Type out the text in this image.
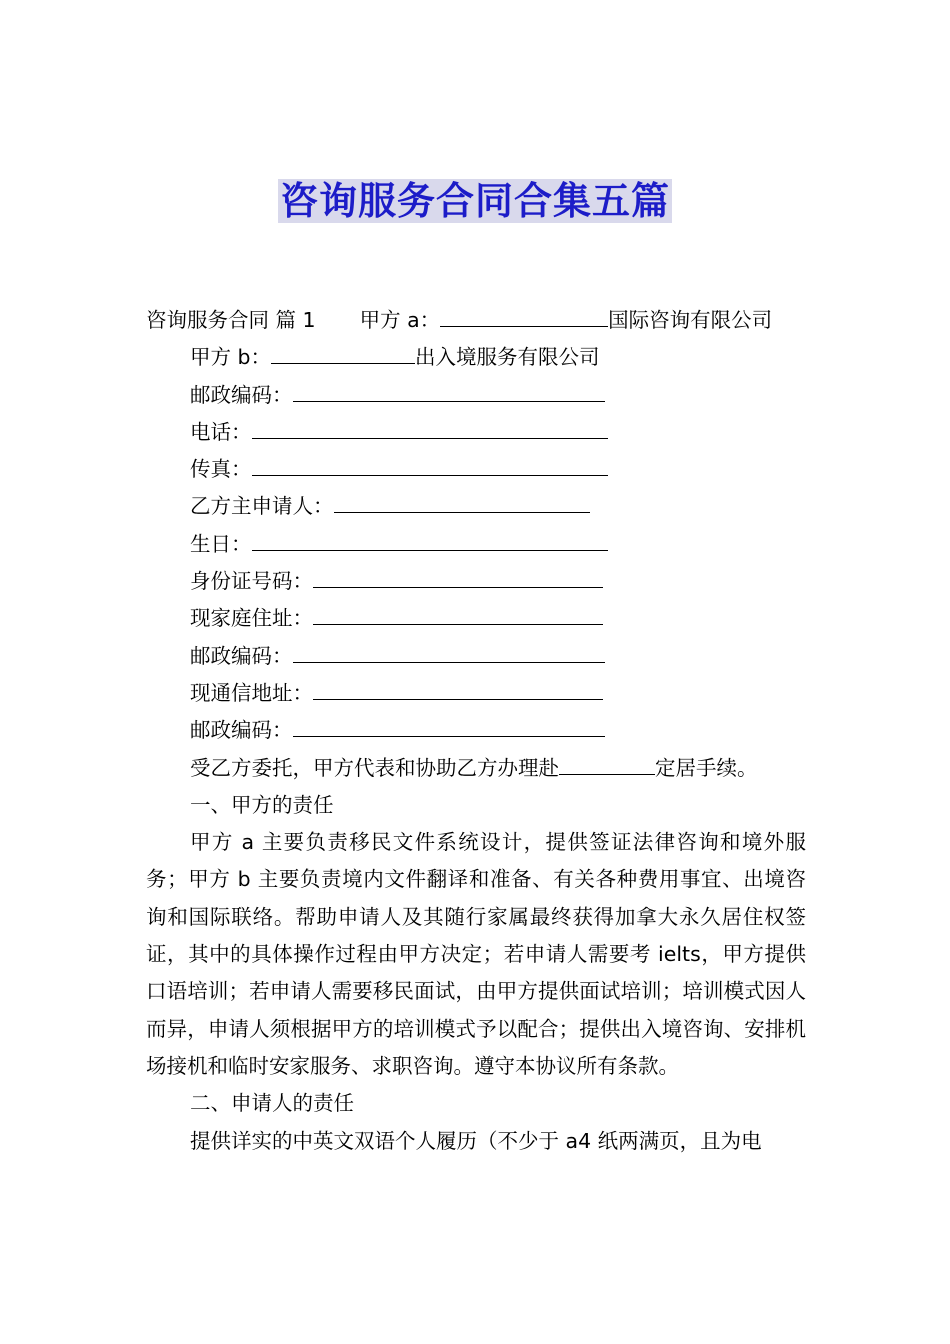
咨询服务合同合集五篇
咨询服务合同 篇 1 甲方 a：	国际咨询有限公司
甲方 b：	出入境服务有限公司
邮政编码：
电话：
传真：
乙方主申请人：
生日：
身份证号码：
现家庭住址：
邮政编码：
现通信地址：
邮政编码：
受乙方委托，甲方代表和协助乙方办理赴	定居手续。
一、甲方的责任
甲方 a 主要负责移民文件系统设计，提供签证法律咨询和境外服务；甲方 b 主要负责境内文件翻译和准备、有关各种费用事宜、出境咨询和国际联络。帮助申请人及其随行家属最终获得加拿大永久居住权签证，其中的具体操作过程由甲方决定；若申请人需要考 ielts，甲方提供口语培训；若申请人需要移民面试，由甲方提供面试培训；培训模式因人而异，申请人须根据甲方的培训模式予以配合；提供出入境咨询、安排机场接机和临时安家服务、求职咨询。遵守本协议所有条款。
二、申请人的责任
提供详实的中英文双语个人履历（不少于 a4 纸两满页，且为电
